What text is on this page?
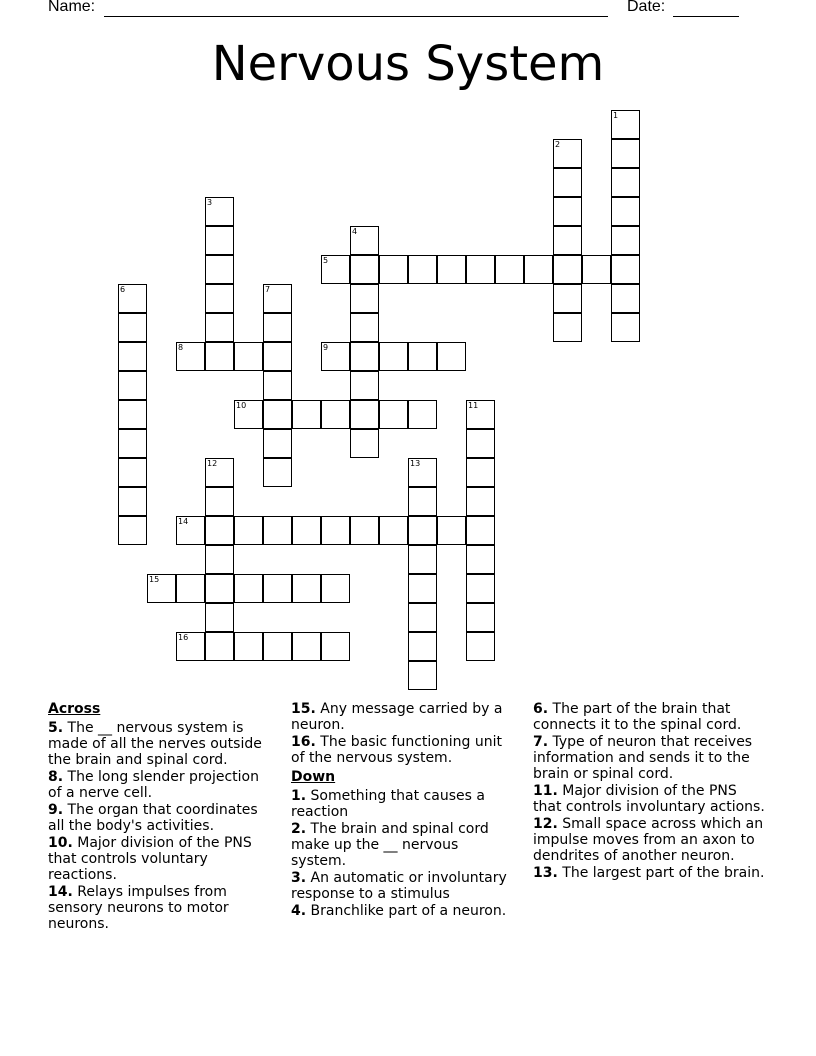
Name:	Date:
Nervous System
1
2
3
4
5
6	7
8	9
10	11
12	13
14
15
16
Across
5. The __ nervous system is made of all the nerves outside the brain and spinal cord.
8. The long slender projection of a nerve cell.
9. The organ that coordinates all the body's activities.
10. Major division of the PNS that controls voluntary reactions.
14. Relays impulses from sensory neurons to motor neurons.
15. Any message carried by a neuron.
16. The basic functioning unit of the nervous system.
Down
1. Something that causes a reaction
2. The brain and spinal cord make up the __ nervous system.
3. An automatic or involuntary response to a stimulus
4. Branchlike part of a neuron.
6. The part of the brain that connects it to the spinal cord.
7. Type of neuron that receives information and sends it to the brain or spinal cord.
11. Major division of the PNS that controls involuntary actions.
12. Small space across which an impulse moves from an axon to dendrites of another neuron.
13. The largest part of the brain.
